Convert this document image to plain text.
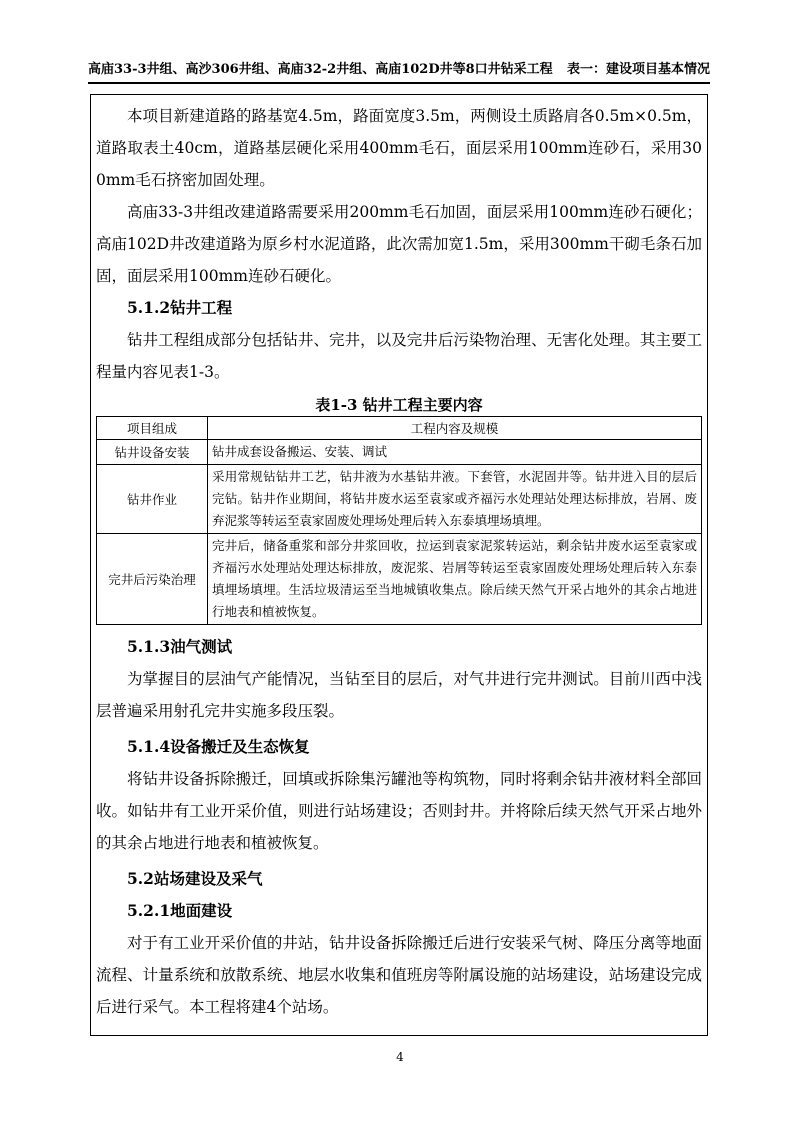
高庙33-3井组、高沙306井组、高庙32-2井组、高庙102D井等8口井钻采工程 表一：建设项目基本情况

本项目新建道路的路基宽4.5m，路面宽度3.5m，两侧设土质路肩各0.5m×0.5m，道路取表土40cm，道路基层硬化采用400mm毛石，面层采用100mm连砂石，采用300mm毛石挤密加固处理。

高庙33-3井组改建道路需要采用200mm毛石加固，面层采用100mm连砂石硬化；高庙102D井改建道路为原乡村水泥道路，此次需加宽1.5m，采用300mm干砌毛条石加固，面层采用100mm连砂石硬化。

5.1.2钻井工程

钻井工程组成部分包括钻井、完井，以及完井后污染物治理、无害化处理。其主要工程量内容见表1-3。

表1-3 钻井工程主要内容
项目组成	工程内容及规模
钻井设备安装	钻井成套设备搬运、安装、调试
钻井作业	采用常规钻钻井工艺，钻井液为水基钻井液。下套管，水泥固井等。钻井进入目的层后完钻。钻井作业期间，将钻井废水运至袁家或齐福污水处理站处理达标排放，岩屑、废弃泥浆等转运至袁家固废处理场处理后转入东泰填埋场填埋。
完井后污染治理	完井后，储备重浆和部分井浆回收，拉运到袁家泥浆转运站，剩余钻井废水运至袁家或齐福污水处理站处理达标排放，废泥浆、岩屑等转运至袁家固废处理场处理后转入东泰填埋场填埋。生活垃圾清运至当地城镇收集点。除后续天然气开采占地外的其余占地进行地表和植被恢复。
5.1.3油气测试

为掌握目的层油气产能情况，当钻至目的层后，对气井进行完井测试。目前川西中浅层普遍采用射孔完井实施多段压裂。

5.1.4设备搬迁及生态恢复

将钻井设备拆除搬迁，回填或拆除集污罐池等构筑物，同时将剩余钻井液材料全部回收。如钻井有工业开采价值，则进行站场建设；否则封井。并将除后续天然气开采占地外的其余占地进行地表和植被恢复。

5.2站场建设及采气
5.2.1地面建设

对于有工业开采价值的井站，钻井设备拆除搬迁后进行安装采气树、降压分离等地面流程、计量系统和放散系统、地层水收集和值班房等附属设施的站场建设，站场建设完成后进行采气。本工程将建4个站场。

4
